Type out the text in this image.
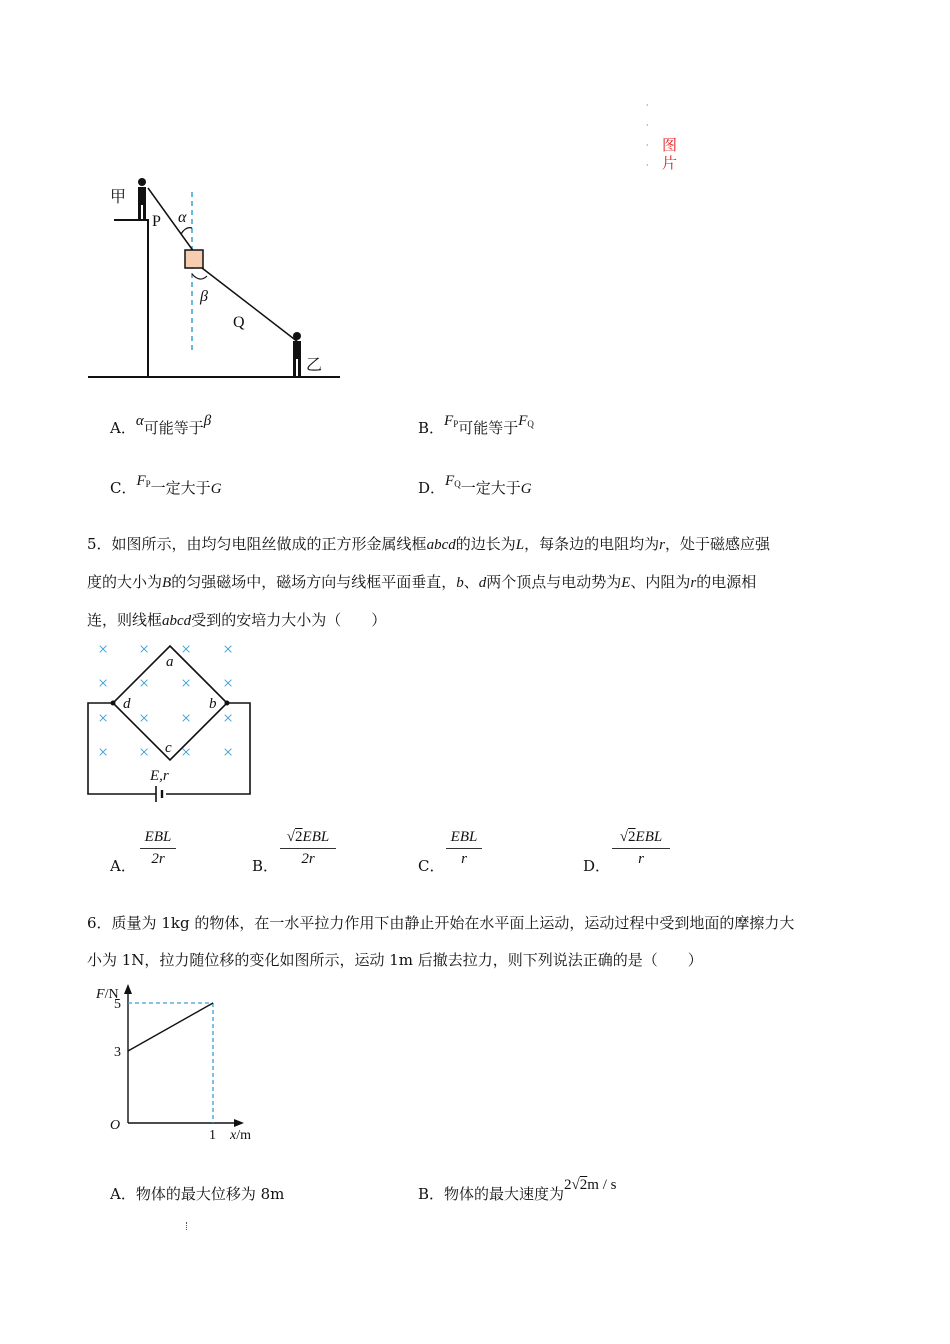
·
·
·
·
图
片
甲
P α
β
Q
乙
A．α可能等于β	B．$F_P$可能等于$F_Q$
C．$F_P$一定大于G	D．$F_Q$一定大于G
5．如图所示，由均匀电阻丝做成的正方形金属线框abcd的边长为L，每条边的电阻均为r，处于磁感应强
度的大小为B的匀强磁场中，磁场方向与线框平面垂直，b、d两个顶点与电动势为E、内阻为r的电源相
连，则线框abcd受到的安培力大小为（　　）
× × × ×
× × × ×
× × × ×
× × × ×
a
d	b
c
E,r
A．
EBL
2r	B．
√2EBL
2r	C．
EBL
r	D．
√2EBL
r
6．质量为 1kg 的物体，在一水平拉力作用下由静止开始在水平面上运动，运动过程中受到地面的摩擦力大
小为 1N，拉力随位移的变化如图所示，运动 1m 后撤去拉力，则下列说法正确的是（　　）
F/N
x/m
O
5
3
1
A．物体的最大位移为 8m	B．物体的最大速度为2√2m / s
